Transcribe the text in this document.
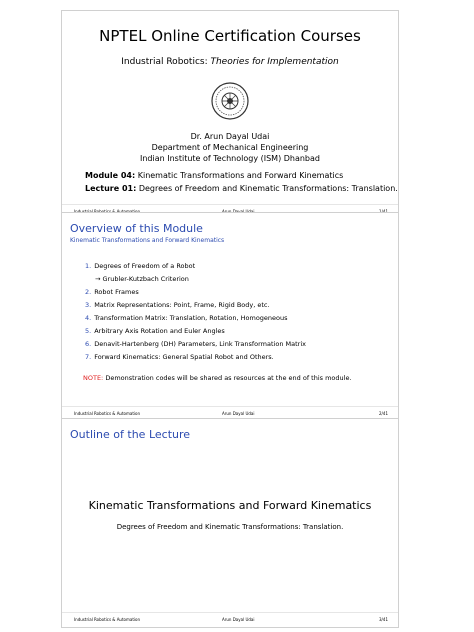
NPTEL Online Certification Courses
Industrial Robotics: Theories for Implementation
Dr. Arun Dayal Udai
Department of Mechanical Engineering
Indian Institute of Technology (ISM) Dhanbad
Module 04: Kinematic Transformations and Forward Kinematics
Lecture 01: Degrees of Freedom and Kinematic Transformations: Translation.
Overview of this Module
Kinematic Transformations and Forward Kinematics
1. Degrees of Freedom of a Robot
→ Grubler-Kutzbach Criterion
2. Robot Frames
3. Matrix Representations: Point, Frame, Rigid Body, etc.
4. Transformation Matrix: Translation, Rotation, Homogeneous
5. Arbitrary Axis Rotation and Euler Angles
6. Denavit-Hartenberg (DH) Parameters, Link Transformation Matrix
7. Forward Kinematics: General Spatial Robot and Others.
NOTE: Demonstration codes will be shared as resources at the end of this module.
Industrial Robotics & Automation	Arun Dayal Udai	2/41
Outline of the Lecture
Kinematic Transformations and Forward Kinematics
Degrees of Freedom and Kinematic Transformations: Translation.
Industrial Robotics & Automation	Arun Dayal Udai	3/41
